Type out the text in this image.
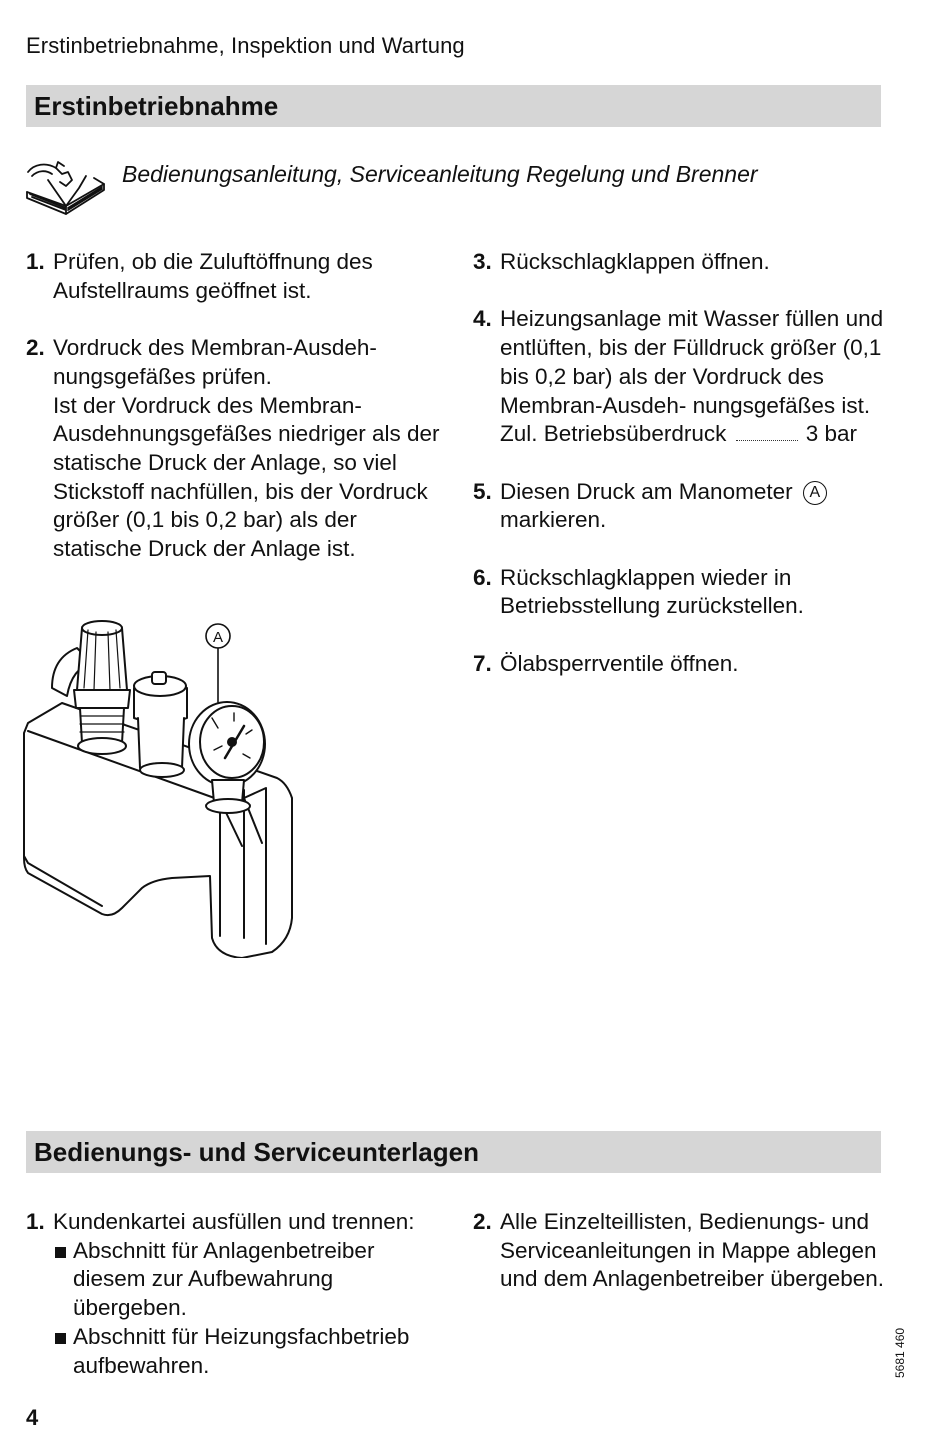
Erstinbetriebnahme, Inspektion und Wartung
Erstinbetriebnahme
Bedienungsanleitung, Serviceanleitung Regelung und Brenner
1. Prüfen, ob die Zuluftöffnung des Aufstellraums geöffnet ist.

2. Vordruck des Membran-Ausdeh- nungsgefäßes prüfen.

Ist der Vordruck des Membran-Ausdehnungsgefäßes niedriger als der statische Druck der Anlage, so viel Stickstoff nachfüllen, bis der Vordruck größer (0,1 bis 0,2 bar) als der statische Druck der Anlage ist.

3. Rückschlagklappen öffnen.

4. Heizungsanlage mit Wasser füllen und entlüften, bis der Fülldruck größer (0,1 bis 0,2 bar) als der Vordruck des Membran-Ausdeh- nungsgefäßes ist.

Zul. Betriebsüberdruck	3 bar
5. Diesen Druck am Manometer A
markieren.

6. Rückschlagklappen wieder in Betriebsstellung zurückstellen.

7. Ölabsperrventile öffnen.

A
Bedienungs- und Serviceunterlagen
1. Kundenkartei ausfüllen und trennen:

Abschnitt für Anlagenbetreiber diesem zur Aufbewahrung übergeben.
Abschnitt für Heizungsfachbetrieb aufbewahren.
2. Alle Einzelteillisten, Bedienungs- und Serviceanleitungen in Mappe ablegen und dem Anlagenbetreiber übergeben.

5681 460
4
